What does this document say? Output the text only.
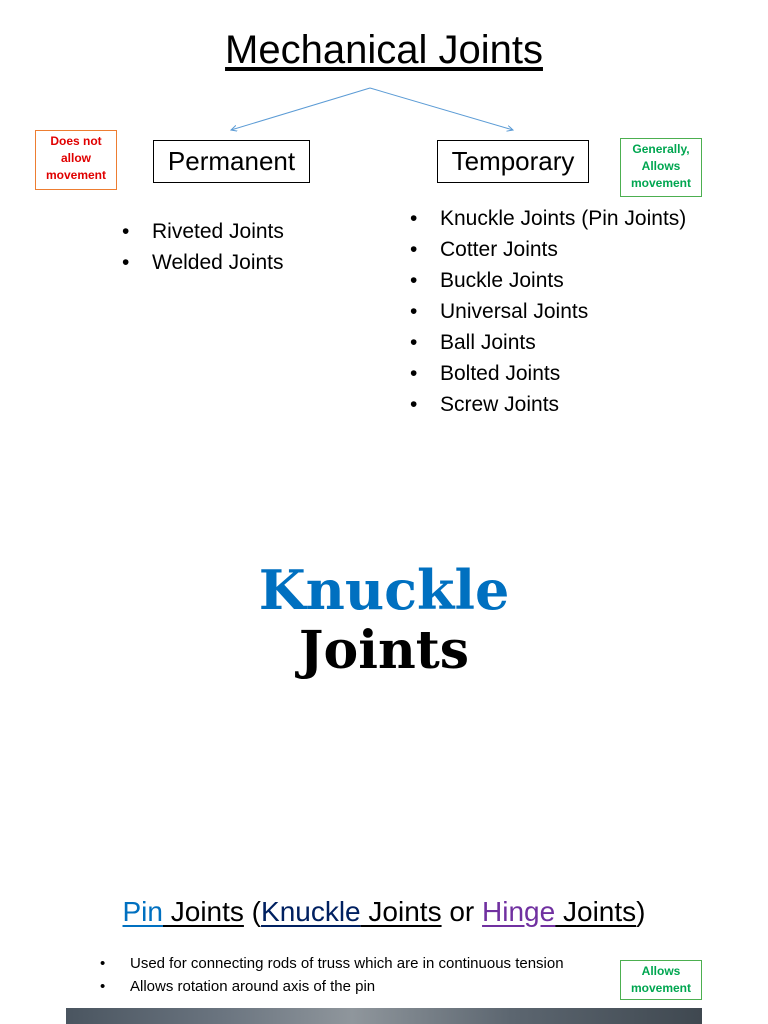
Mechanical Joints
Does not allow movement	Permanent	Temporary	Generally, Allows movement
• Riveted Joints
• Welded Joints
• Knuckle Joints (Pin Joints)
• Cotter Joints
• Buckle Joints
• Universal Joints
• Ball Joints
• Bolted Joints
• Screw Joints
Knuckle
Joints
Pin Joints (Knuckle Joints or Hinge Joints)
• Used for connecting rods of truss which are in continuous tension
• Allows rotation around axis of the pin
Allows movement
